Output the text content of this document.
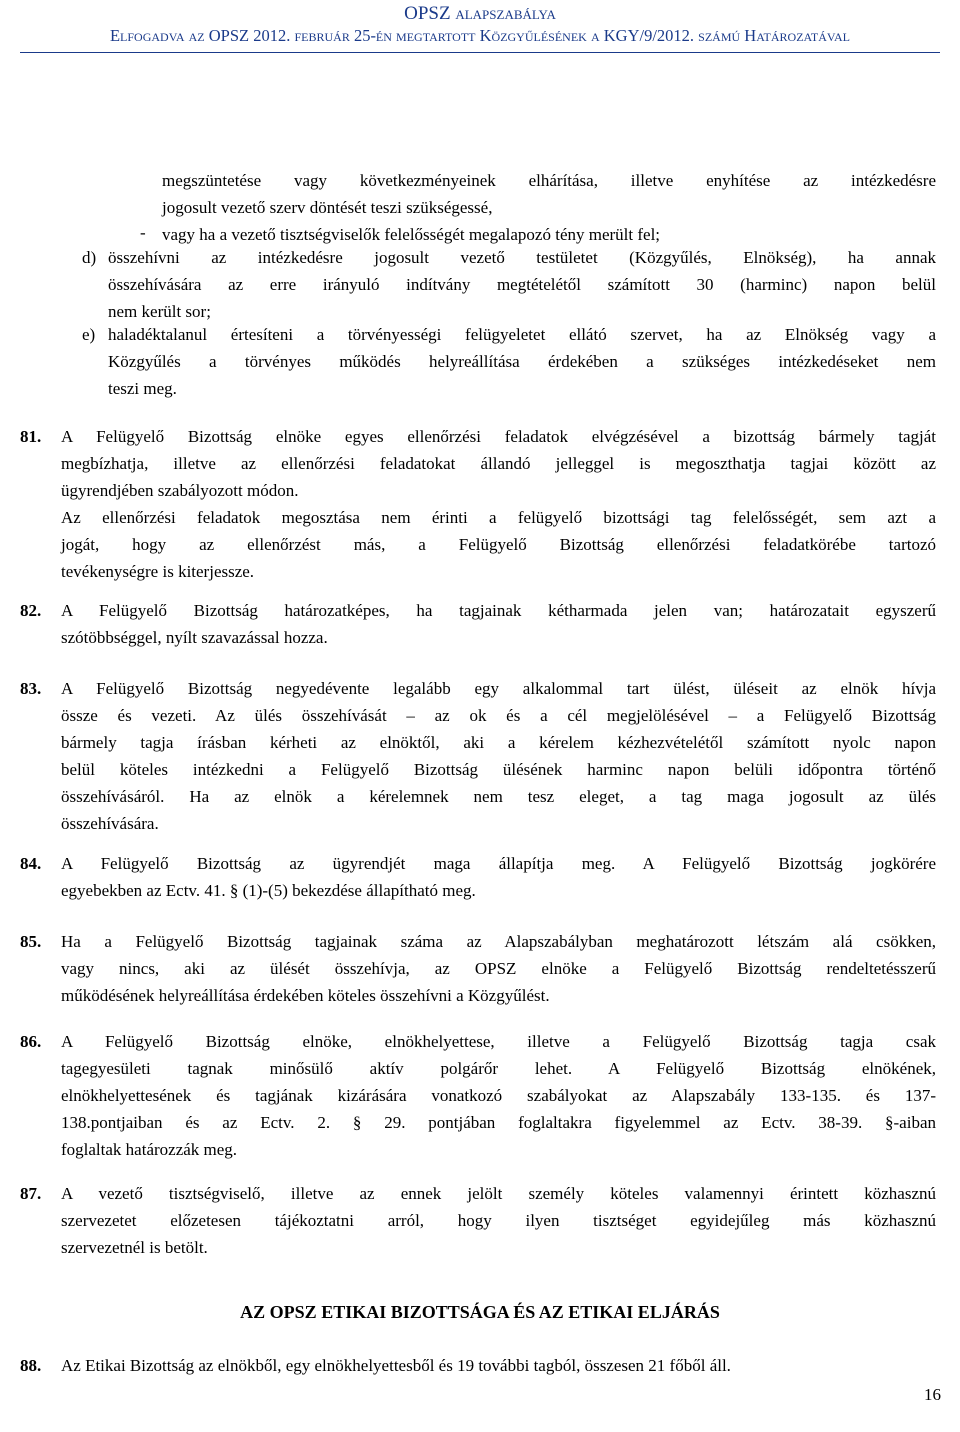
OPSZ alapszabálya
Elfogadva az OPSZ 2012. február 25-én megtartott Közgyűlésének a KGY/9/2012. számú Határozatával
megszüntetése vagy következményeinek elhárítása, illetve enyhítése az intézkedésre
jogosult vezető szerv döntését teszi szükségessé,
- vagy ha a vezető tisztségviselők felelősségét megalapozó tény merült fel;
d) összehívni az intézkedésre jogosult vezető testületet (Közgyűlés, Elnökség), ha annak
összehívására az erre irányuló indítvány megtételétől számított 30 (harminc) napon belül
nem került sor;
e) haladéktalanul értesíteni a törvényességi felügyeletet ellátó szervet, ha az Elnökség vagy a
Közgyűlés a törvényes működés helyreállítása érdekében a szükséges intézkedéseket nem
teszi meg.
81. A Felügyelő Bizottság elnöke egyes ellenőrzési feladatok elvégzésével a bizottság bármely tagját
megbízhatja, illetve az ellenőrzési feladatokat állandó jelleggel is megoszthatja tagjai között az
ügyrendjében szabályozott módon.
Az ellenőrzési feladatok megosztása nem érinti a felügyelő bizottsági tag felelősségét, sem azt a
jogát, hogy az ellenőrzést más, a Felügyelő Bizottság ellenőrzési feladatkörébe tartozó
tevékenységre is kiterjessze.
82. A Felügyelő Bizottság határozatképes, ha tagjainak kétharmada jelen van; határozatait egyszerű
szótöbbséggel, nyílt szavazással hozza.
83. A Felügyelő Bizottság negyedévente legalább egy alkalommal tart ülést, üléseit az elnök hívja
össze és vezeti. Az ülés összehívását – az ok és a cél megjelölésével – a Felügyelő Bizottság
bármely tagja írásban kérheti az elnöktől, aki a kérelem kézhezvételétől számított nyolc napon
belül köteles intézkedni a Felügyelő Bizottság ülésének harminc napon belüli időpontra történő
összehívásáról. Ha az elnök a kérelemnek nem tesz eleget, a tag maga jogosult az ülés
összehívására.
84. A Felügyelő Bizottság az ügyrendjét maga állapítja meg. A Felügyelő Bizottság jogkörére
egyebekben az Ectv. 41. § (1)-(5) bekezdése állapítható meg.
85. Ha a Felügyelő Bizottság tagjainak száma az Alapszabályban meghatározott létszám alá csökken,
vagy nincs, aki az ülését összehívja, az OPSZ elnöke a Felügyelő Bizottság rendeltetésszerű
működésének helyreállítása érdekében köteles összehívni a Közgyűlést.
86. A Felügyelő Bizottság elnöke, elnökhelyettese, illetve a Felügyelő Bizottság tagja csak
tagegyesületi tagnak minősülő aktív polgárőr lehet. A Felügyelő Bizottság elnökének,
elnökhelyettesének és tagjának kizárására vonatkozó szabályokat az Alapszabály 133-135. és 137-
138.pontjaiban és az Ectv. 2. § 29. pontjában foglaltakra figyelemmel az Ectv. 38-39. §-aiban
foglaltak határozzák meg.
87. A vezető tisztségviselő, illetve az ennek jelölt személy köteles valamennyi érintett közhasznú
szervezetet előzetesen tájékoztatni arról, hogy ilyen tisztséget egyidejűleg más közhasznú
szervezetnél is betölt.
AZ OPSZ ETIKAI BIZOTTSÁGA ÉS AZ ETIKAI ELJÁRÁS
88. Az Etikai Bizottság az elnökből, egy elnökhelyettesből és 19 további tagból, összesen 21 főből áll.
16
